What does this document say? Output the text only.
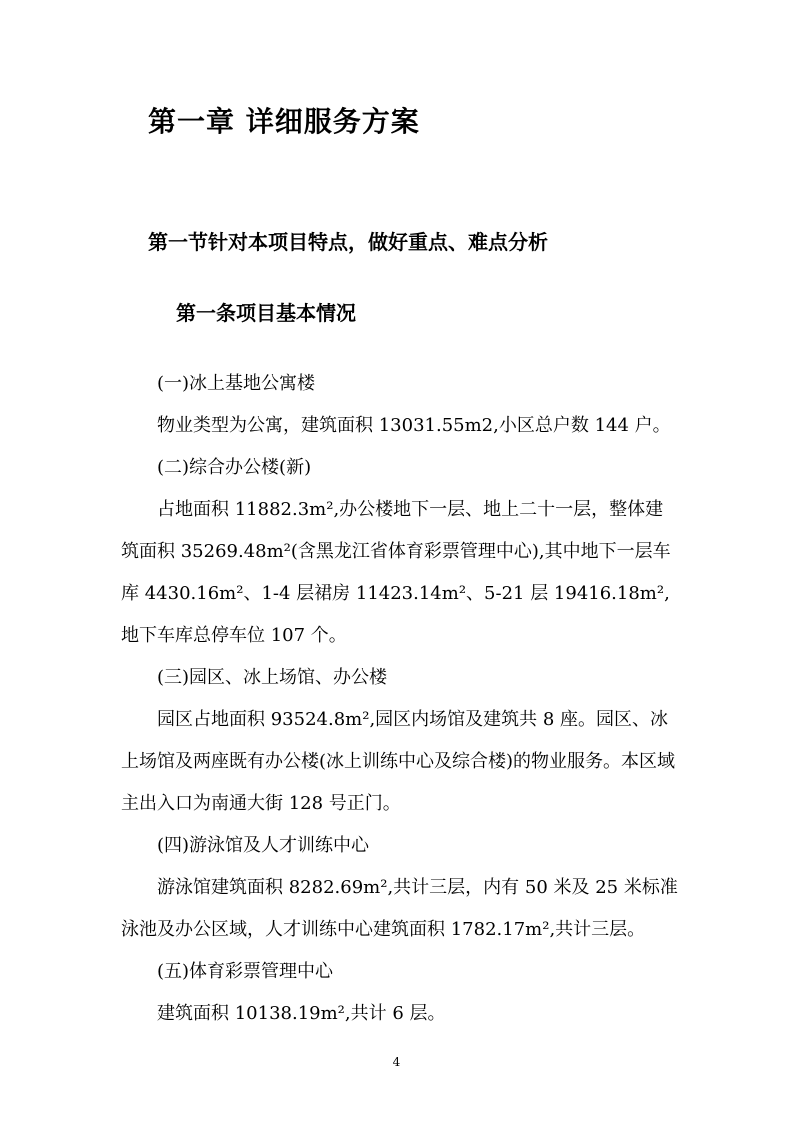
第一章 详细服务方案
第一节针对本项目特点，做好重点、难点分析
第一条项目基本情况

(一)冰上基地公寓楼

物业类型为公寓，建筑面积 13031.55m2,小区总户数 144 户。

(二)综合办公楼(新)

占地面积 11882.3m²,办公楼地下一层、地上二十一层，整体建筑面积 35269.48m²(含黑龙江省体育彩票管理中心),其中地下一层车库 4430.16m²、1-4 层裙房 11423.14m²、5-21 层 19416.18m²,地下车库总停车位 107 个。

(三)园区、冰上场馆、办公楼

园区占地面积 93524.8m²,园区内场馆及建筑共 8 座。园区、冰上场馆及两座既有办公楼(冰上训练中心及综合楼)的物业服务。本区域主出入口为南通大街 128 号正门。

(四)游泳馆及人才训练中心

游泳馆建筑面积 8282.69m²,共计三层，内有 50 米及 25 米标准泳池及办公区域，人才训练中心建筑面积 1782.17m²,共计三层。

(五)体育彩票管理中心

建筑面积 10138.19m²,共计 6 层。

4
